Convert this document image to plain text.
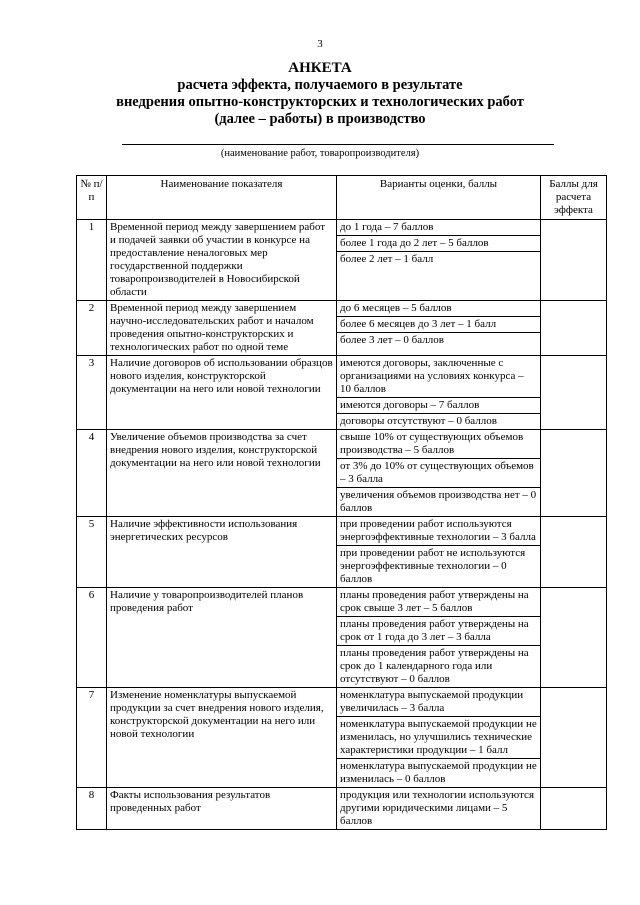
3
АНКЕТА
расчета эффекта, получаемого в результате
внедрения опытно-конструкторских и технологических работ
(далее – работы) в производство
(наименование работ, товаропроизводителя)
№ п/п	Наименование показателя	Варианты оценки, баллы	Баллы для расчета эффекта
1	Временной период между завершением работ и подачей заявки об участии в конкурсе на предоставление неналоговых мер государственной поддержки товаропроизводителей в Новосибирской области	до 1 года – 7 баллов
более 1 года до 2 лет – 5 баллов
более 2 лет – 1 балл	

2	Временной период между завершением научно-исследовательских работ и началом проведения опытно-конструкторских и технологических работ по одной теме	до 6 месяцев – 5 баллов
более 6 месяцев до 3 лет – 1 балл
более 3 лет – 0 баллов	

3	Наличие договоров об использовании образцов нового изделия, конструкторской документации на него или новой технологии	имеются договоры, заключенные с организациями на условиях конкурса – 10 баллов
имеются договоры – 7 баллов
договоры отсутствуют – 0 баллов	

4	Увеличение объемов производства за счет внедрения нового изделия, конструкторской документации на него или новой технологии	свыше 10% от существующих объемов производства – 5 баллов
от 3% до 10% от существующих объемов – 3 балла
увеличения объемов производства нет – 0 баллов	

5	Наличие эффективности использования энергетических ресурсов	при проведении работ используются энергоэффективные технологии – 3 балла
при проведении работ не используются энергоэффективные технологии – 0 баллов	

6	Наличие у товаропроизводителей планов проведения работ	планы проведения работ утверждены на срок свыше 3 лет – 5 баллов
планы проведения работ утверждены на срок от 1 года до 3 лет – 3 балла
планы проведения работ утверждены на срок до 1 календарного года или отсутствуют – 0 баллов	

7	Изменение номенклатуры выпускаемой продукции за счет внедрения нового изделия, конструкторской документации на него или новой технологии	номенклатура выпускаемой продукции увеличилась – 3 балла
номенклатура выпускаемой продукции не изменилась, но улучшились технические характеристики продукции – 1 балл
номенклатура выпускаемой продукции не изменилась – 0 баллов	

8	Факты использования результатов проведенных работ	продукция или технологии используются другими юридическими лицами – 5 баллов	
